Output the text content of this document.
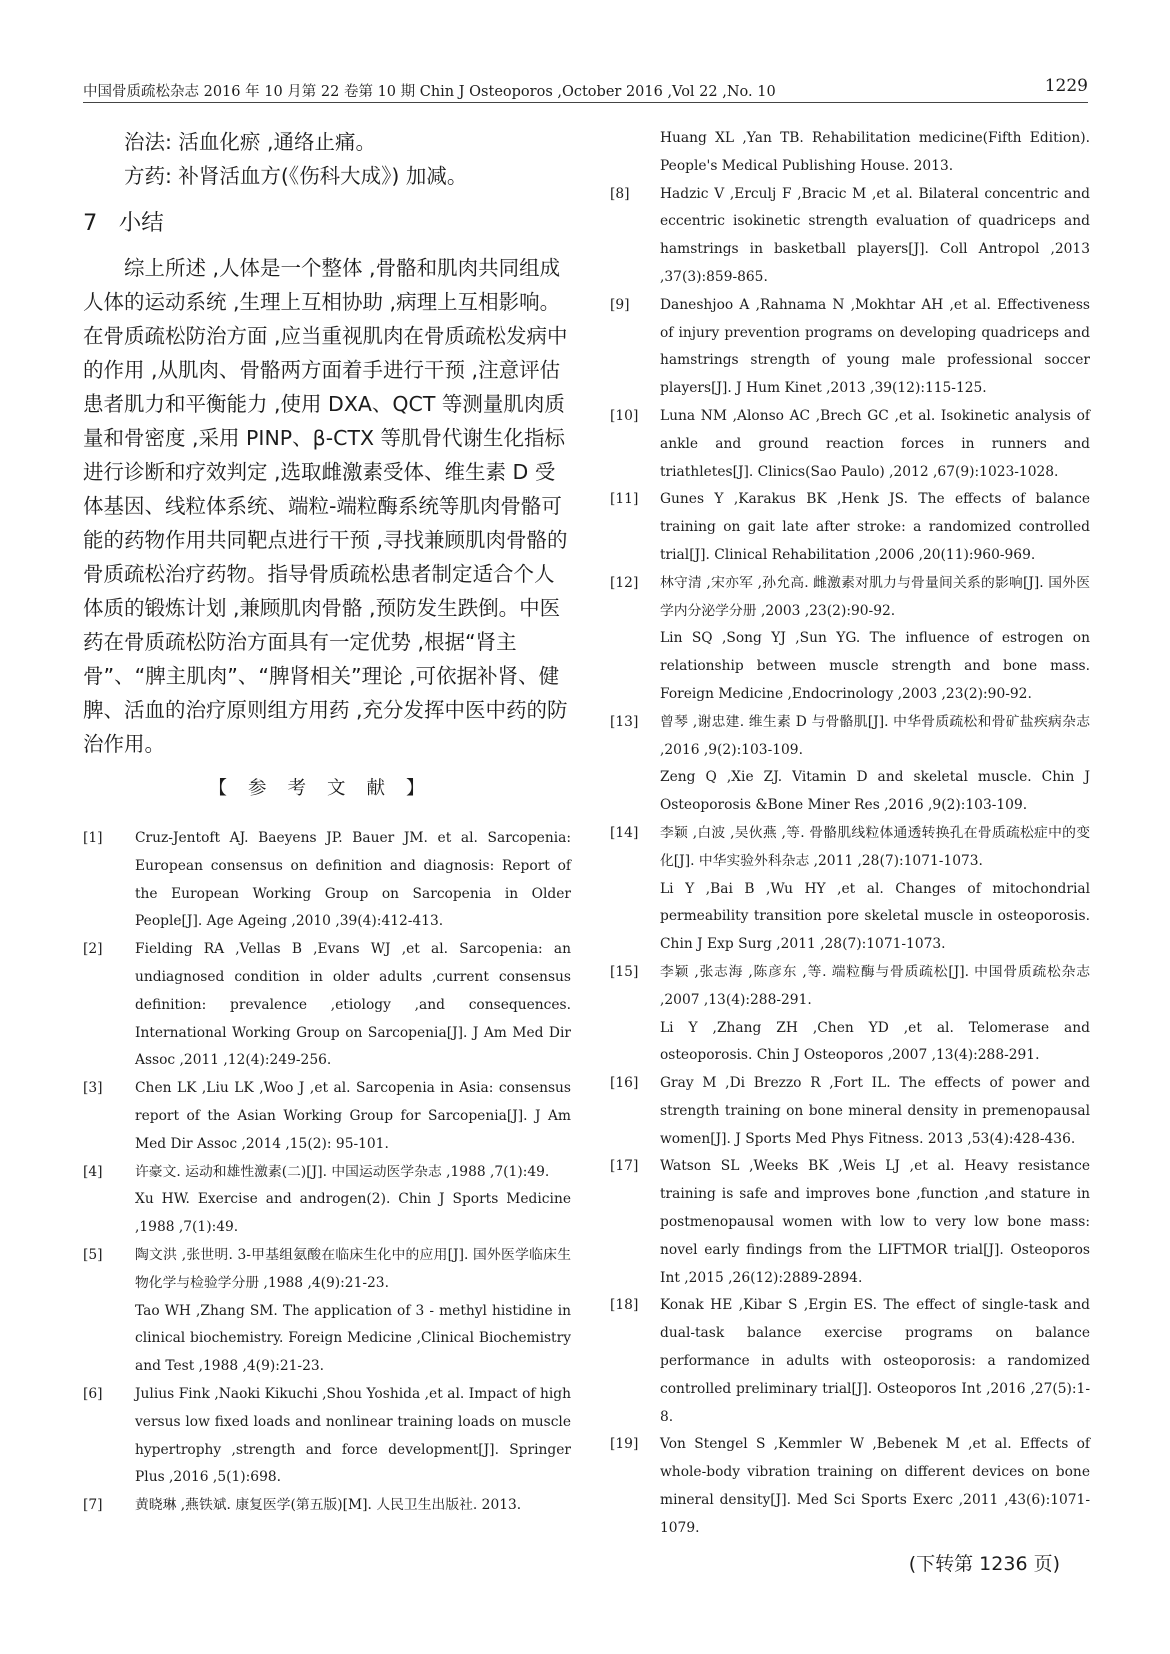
中国骨质疏松杂志 2016 年 10 月第 22 卷第 10 期 Chin J Osteoporos ,October 2016 ,Vol 22 ,No. 10	1229

治法: 活血化瘀 ,通络止痛。

方药: 补肾活血方(《伤科大成》) 加减。

7 小结

综上所述 ,人体是一个整体 ,骨骼和肌肉共同组成人体的运动系统 ,生理上互相协助 ,病理上互相影响。在骨质疏松防治方面 ,应当重视肌肉在骨质疏松发病中的作用 ,从肌肉、骨骼两方面着手进行干预 ,注意评估患者肌力和平衡能力 ,使用 DXA、QCT 等测量肌肉质量和骨密度 ,采用 PINP、β-CTX 等肌骨代谢生化指标进行诊断和疗效判定 ,选取雌激素受体、维生素 D 受体基因、线粒体系统、端粒-端粒酶系统等肌肉骨骼可能的药物作用共同靶点进行干预 ,寻找兼顾肌肉骨骼的骨质疏松治疗药物。指导骨质疏松患者制定适合个人体质的锻炼计划 ,兼顾肌肉骨骼 ,预防发生跌倒。中医药在骨质疏松防治方面具有一定优势 ,根据“肾主骨”、“脾主肌肉”、“脾肾相关”理论 ,可依据补肾、健脾、活血的治疗原则组方用药 ,充分发挥中医中药的防治作用。

【参考文献】
[1] Cruz-Jentoft AJ. Baeyens JP. Bauer JM. et al. Sarcopenia: European consensus on definition and diagnosis: Report of the European Working Group on Sarcopenia in Older People[J]. Age Ageing ,2010 ,39(4):412-413.
[2] Fielding RA ,Vellas B ,Evans WJ ,et al. Sarcopenia: an undiagnosed condition in older adults ,current consensus definition: prevalence ,etiology ,and consequences. International Working Group on Sarcopenia[J]. J Am Med Dir Assoc ,2011 ,12(4):249-256.
[3] Chen LK ,Liu LK ,Woo J ,et al. Sarcopenia in Asia: consensus report of the Asian Working Group for Sarcopenia[J]. J Am Med Dir Assoc ,2014 ,15(2): 95-101.
[4] 许豪文. 运动和雄性激素(二)[J]. 中国运动医学杂志 ,1988 ,7(1):49.
Xu HW. Exercise and androgen(2). Chin J Sports Medicine ,1988 ,7(1):49.
[5] 陶文洪 ,张世明. 3-甲基组氨酸在临床生化中的应用[J]. 国外医学临床生物化学与检验学分册 ,1988 ,4(9):21-23.
Tao WH ,Zhang SM. The application of 3 - methyl histidine in clinical biochemistry. Foreign Medicine ,Clinical Biochemistry and Test ,1988 ,4(9):21-23.
[6] Julius Fink ,Naoki Kikuchi ,Shou Yoshida ,et al. Impact of high versus low fixed loads and nonlinear training loads on muscle hypertrophy ,strength and force development[J]. Springer Plus ,2016 ,5(1):698.
[7] 黄晓琳 ,燕铁斌. 康复医学(第五版)[M]. 人民卫生出版社. 2013.
Huang XL ,Yan TB. Rehabilitation medicine(Fifth Edition). People's Medical Publishing House. 2013.
[8] Hadzic V ,Erculj F ,Bracic M ,et al. Bilateral concentric and eccentric isokinetic strength evaluation of quadriceps and hamstrings in basketball players[J]. Coll Antropol ,2013 ,37(3):859-865.
[9] Daneshjoo A ,Rahnama N ,Mokhtar AH ,et al. Effectiveness of injury prevention programs on developing quadriceps and hamstrings strength of young male professional soccer players[J]. J Hum Kinet ,2013 ,39(12):115-125.
[10] Luna NM ,Alonso AC ,Brech GC ,et al. Isokinetic analysis of ankle and ground reaction forces in runners and triathletes[J]. Clinics(Sao Paulo) ,2012 ,67(9):1023-1028.
[11] Gunes Y ,Karakus BK ,Henk JS. The effects of balance training on gait late after stroke: a randomized controlled trial[J]. Clinical Rehabilitation ,2006 ,20(11):960-969.
[12] 林守清 ,宋亦军 ,孙允高. 雌激素对肌力与骨量间关系的影响[J]. 国外医学内分泌学分册 ,2003 ,23(2):90-92.
Lin SQ ,Song YJ ,Sun YG. The influence of estrogen on relationship between muscle strength and bone mass. Foreign Medicine ,Endocrinology ,2003 ,23(2):90-92.
[13] 曾琴 ,谢忠建. 维生素 D 与骨骼肌[J]. 中华骨质疏松和骨矿盐疾病杂志 ,2016 ,9(2):103-109.
Zeng Q ,Xie ZJ. Vitamin D and skeletal muscle. Chin J Osteoporosis &Bone Miner Res ,2016 ,9(2):103-109.
[14] 李颖 ,白波 ,吴伙燕 ,等. 骨骼肌线粒体通透转换孔在骨质疏松症中的变化[J]. 中华实验外科杂志 ,2011 ,28(7):1071-1073.
Li Y ,Bai B ,Wu HY ,et al. Changes of mitochondrial permeability transition pore skeletal muscle in osteoporosis. Chin J Exp Surg ,2011 ,28(7):1071-1073.
[15] 李颖 ,张志海 ,陈彦东 ,等. 端粒酶与骨质疏松[J]. 中国骨质疏松杂志 ,2007 ,13(4):288-291.
Li Y ,Zhang ZH ,Chen YD ,et al. Telomerase and osteoporosis. Chin J Osteoporos ,2007 ,13(4):288-291.
[16] Gray M ,Di Brezzo R ,Fort IL. The effects of power and strength training on bone mineral density in premenopausal women[J]. J Sports Med Phys Fitness. 2013 ,53(4):428-436.
[17] Watson SL ,Weeks BK ,Weis LJ ,et al. Heavy resistance training is safe and improves bone ,function ,and stature in postmenopausal women with low to very low bone mass: novel early findings from the LIFTMOR trial[J]. Osteoporos Int ,2015 ,26(12):2889-2894.
[18] Konak HE ,Kibar S ,Ergin ES. The effect of single-task and dual-task balance exercise programs on balance performance in adults with osteoporosis: a randomized controlled preliminary trial[J]. Osteoporos Int ,2016 ,27(5):1-8.
[19] Von Stengel S ,Kemmler W ,Bebenek M ,et al. Effects of whole-body vibration training on different devices on bone mineral density[J]. Med Sci Sports Exerc ,2011 ,43(6):1071-1079.
(下转第 1236 页)
